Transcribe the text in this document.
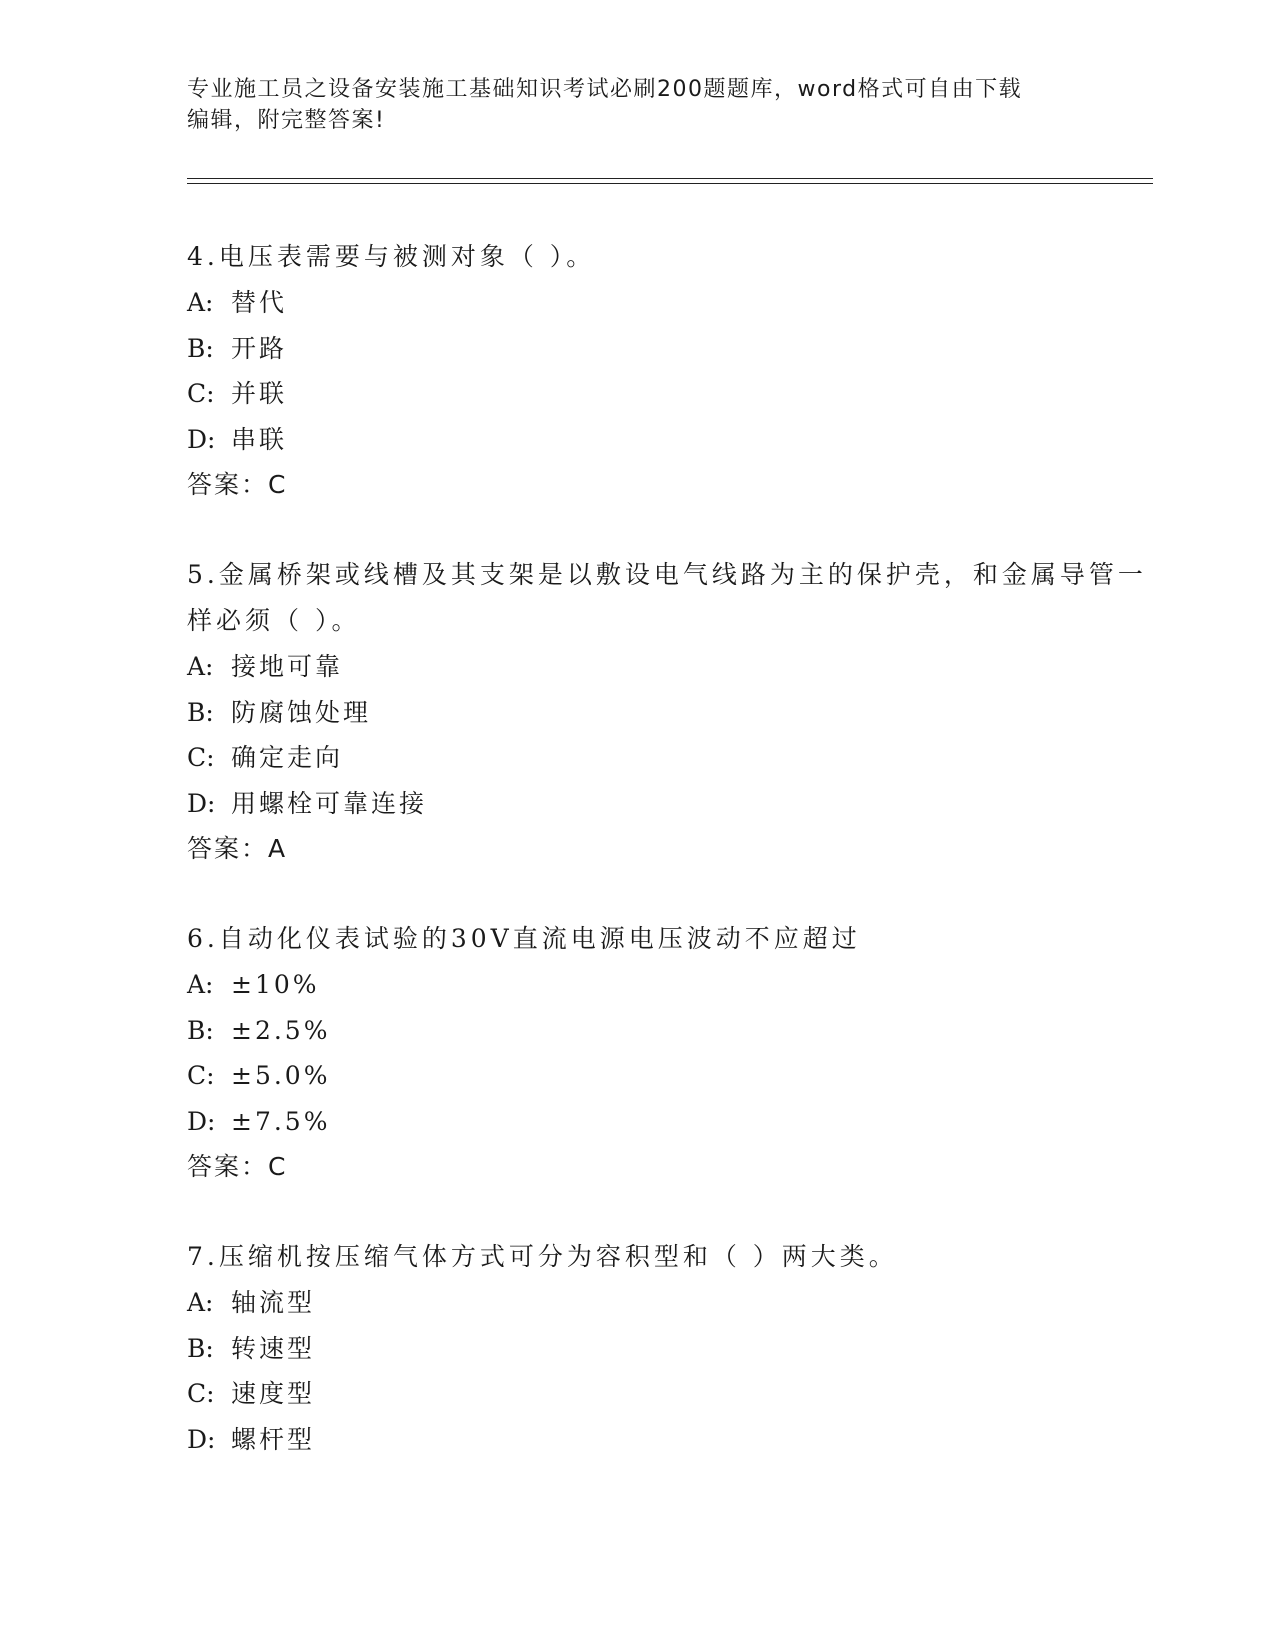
专业施工员之设备安装施工基础知识考试必刷200题题库，word格式可自由下载
编辑，附完整答案!
4.电压表需要与被测对象（ ）。
A: 替代
B: 开路
C: 并联
D: 串联
答案：C
5.金属桥架或线槽及其支架是以敷设电气线路为主的保护壳，和金属导管一样必须（ ）。
A: 接地可靠
B: 防腐蚀处理
C: 确定走向
D: 用螺栓可靠连接
答案：A
6.自动化仪表试验的30V直流电源电压波动不应超过
A: ±10%
B: ±2.5%
C: ±5.0%
D: ±7.5%
答案：C
7.压缩机按压缩气体方式可分为容积型和（ ）两大类。
A: 轴流型
B: 转速型
C: 速度型
D: 螺杆型
